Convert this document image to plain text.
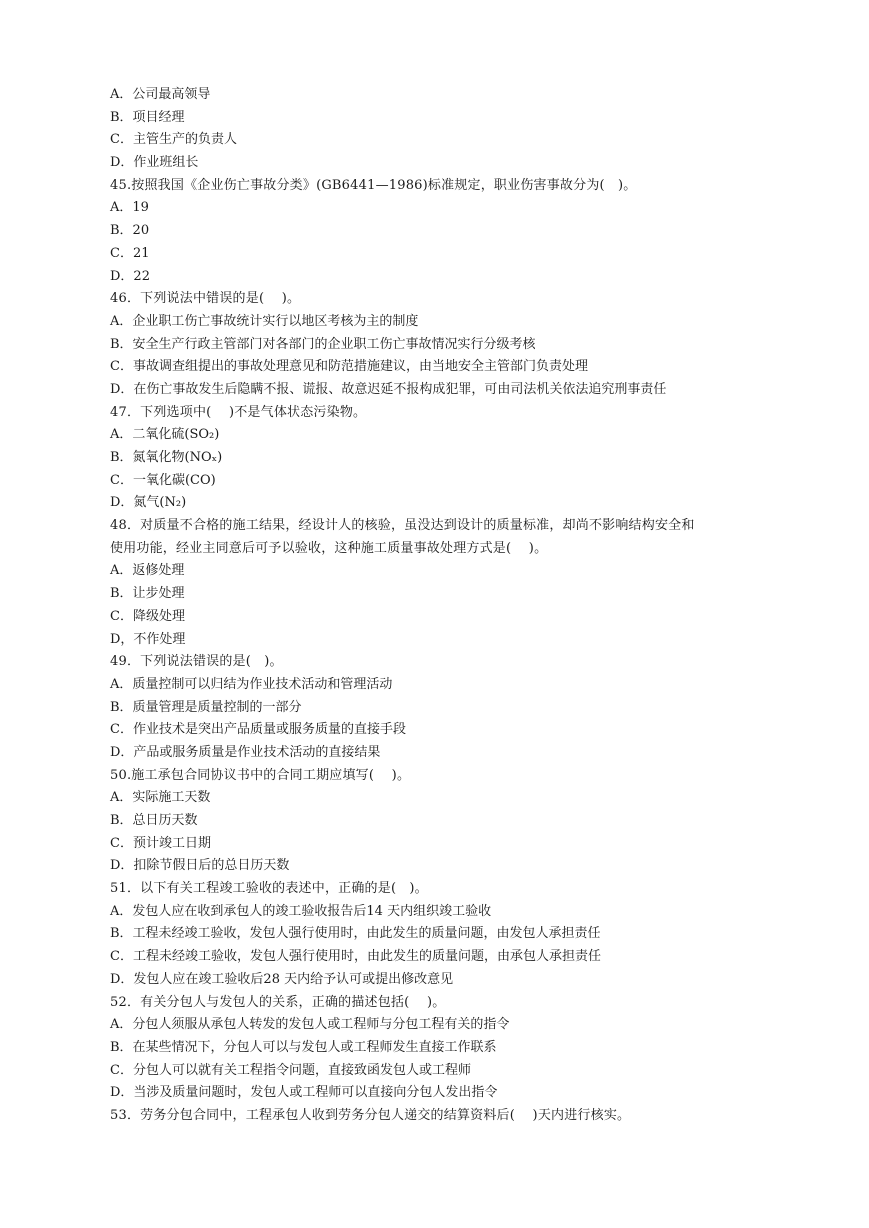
A．公司最高领导
B．项目经理
C．主管生产的负责人
D．作业班组长
45.按照我国《企业伤亡事故分类》(GB6441—1986)标准规定，职业伤害事故分为(　)。
A．19
B．20
C．21
D．22
46．下列说法中错误的是(　 )。
A．企业职工伤亡事故统计实行以地区考核为主的制度
B．安全生产行政主管部门对各部门的企业职工伤亡事故情况实行分级考核
C．事故调查组提出的事故处理意见和防范措施建议，由当地安全主管部门负责处理
D．在伤亡事故发生后隐瞒不报、谎报、故意迟延不报构成犯罪，可由司法机关依法追究刑事责任
47．下列选项中(　 )不是气体状态污染物。
A．二氧化硫(SO₂)
B．氮氧化物(NOₓ)
C．一氧化碳(CO)
D．氮气(N₂)
48．对质量不合格的施工结果，经设计人的核验，虽没达到设计的质量标准，却尚不影响结构安全和
使用功能，经业主同意后可予以验收，这种施工质量事故处理方式是(　 )。
A．返修处理
B．让步处理
C．降级处理
D，不作处理
49．下列说法错误的是(　)。
A．质量控制可以归结为作业技术活动和管理活动
B．质量管理是质量控制的一部分
C．作业技术是突出产品质量或服务质量的直接手段
D．产品或服务质量是作业技术活动的直接结果
50.施工承包合同协议书中的合同工期应填写(　 )。
A．实际施工天数
B．总日历天数
C．预计竣工日期
D．扣除节假日后的总日历天数
51．以下有关工程竣工验收的表述中，正确的是(　)。
A．发包人应在收到承包人的竣工验收报告后14 天内组织竣工验收
B．工程未经竣工验收，发包人强行使用时，由此发生的质量问题，由发包人承担责任
C．工程未经竣工验收，发包人强行使用时，由此发生的质量问题，由承包人承担责任
D．发包人应在竣工验收后28 天内给予认可或提出修改意见
52．有关分包人与发包人的关系，正确的描述包括(　 )。
A．分包人须服从承包人转发的发包人或工程师与分包工程有关的指令
B．在某些情况下，分包人可以与发包人或工程师发生直接工作联系
C．分包人可以就有关工程指令问题，直接致函发包人或工程师
D．当涉及质量问题时，发包人或工程师可以直接向分包人发出指令
53．劳务分包合同中，工程承包人收到劳务分包人递交的结算资料后(　 )天内进行核实。
